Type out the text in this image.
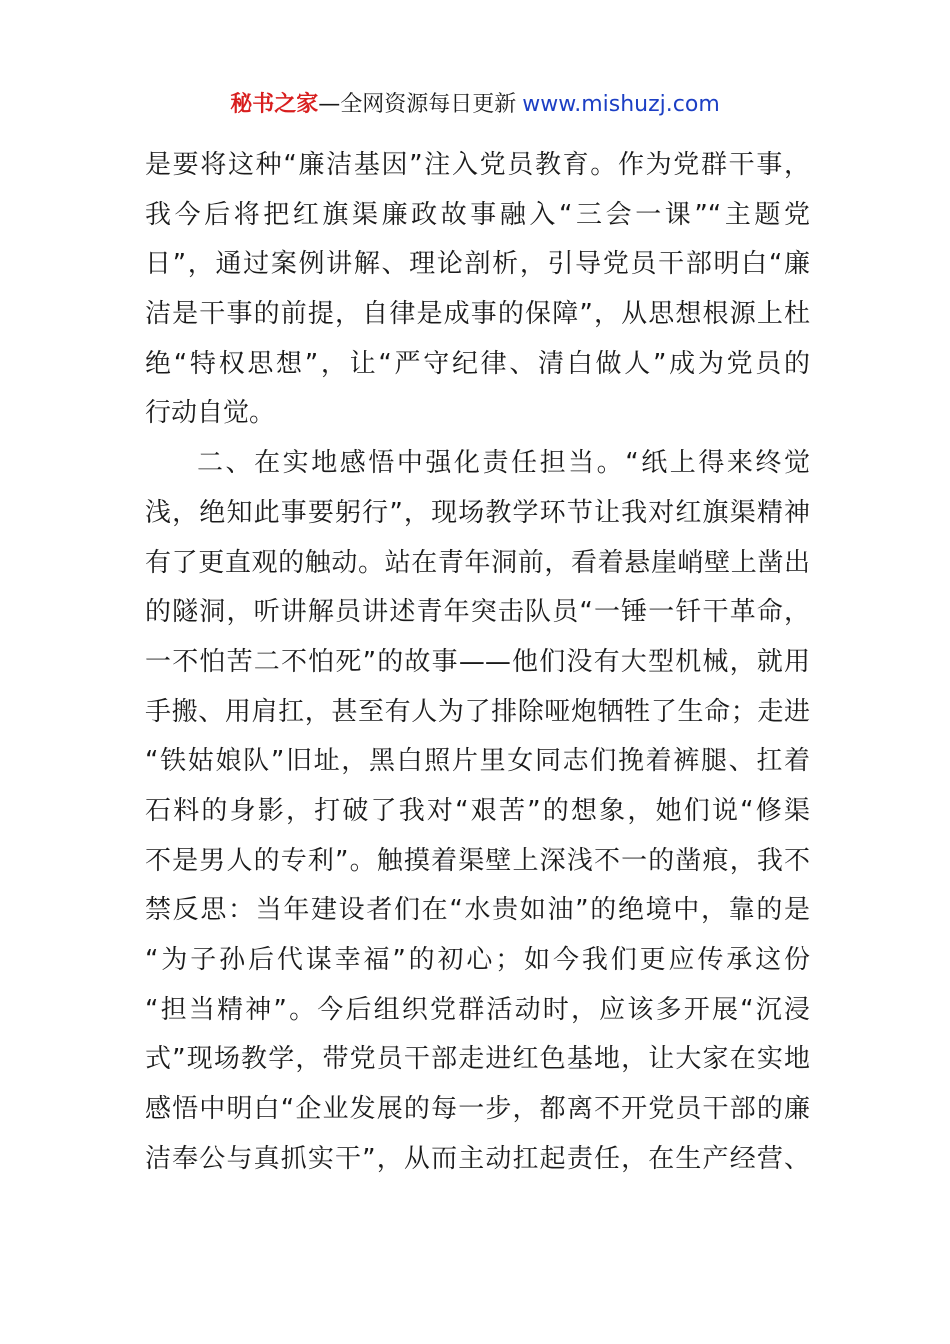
秘书之家—全网资源每日更新 www.mishuzj.com
是要将这种“廉洁基因”注入党员教育。作为党群干事，
我今后将把红旗渠廉政故事融入“三会一课”“主题党
日”，通过案例讲解、理论剖析，引导党员干部明白“廉
洁是干事的前提，自律是成事的保障”，从思想根源上杜
绝“特权思想”，让“严守纪律、清白做人”成为党员的
行动自觉。
二、在实地感悟中强化责任担当。“纸上得来终觉
浅，绝知此事要躬行”，现场教学环节让我对红旗渠精神
有了更直观的触动。站在青年洞前，看着悬崖峭壁上凿出
的隧洞，听讲解员讲述青年突击队员“一锤一钎干革命，
一不怕苦二不怕死”的故事——他们没有大型机械，就用
手搬、用肩扛，甚至有人为了排除哑炮牺牲了生命；走进
“铁姑娘队”旧址，黑白照片里女同志们挽着裤腿、扛着
石料的身影，打破了我对“艰苦”的想象，她们说“修渠
不是男人的专利”。触摸着渠壁上深浅不一的凿痕，我不
禁反思：当年建设者们在“水贵如油”的绝境中，靠的是
“为子孙后代谋幸福”的初心；如今我们更应传承这份
“担当精神”。今后组织党群活动时，应该多开展“沉浸
式”现场教学，带党员干部走进红色基地，让大家在实地
感悟中明白“企业发展的每一步，都离不开党员干部的廉
洁奉公与真抓实干”，从而主动扛起责任，在生产经营、
